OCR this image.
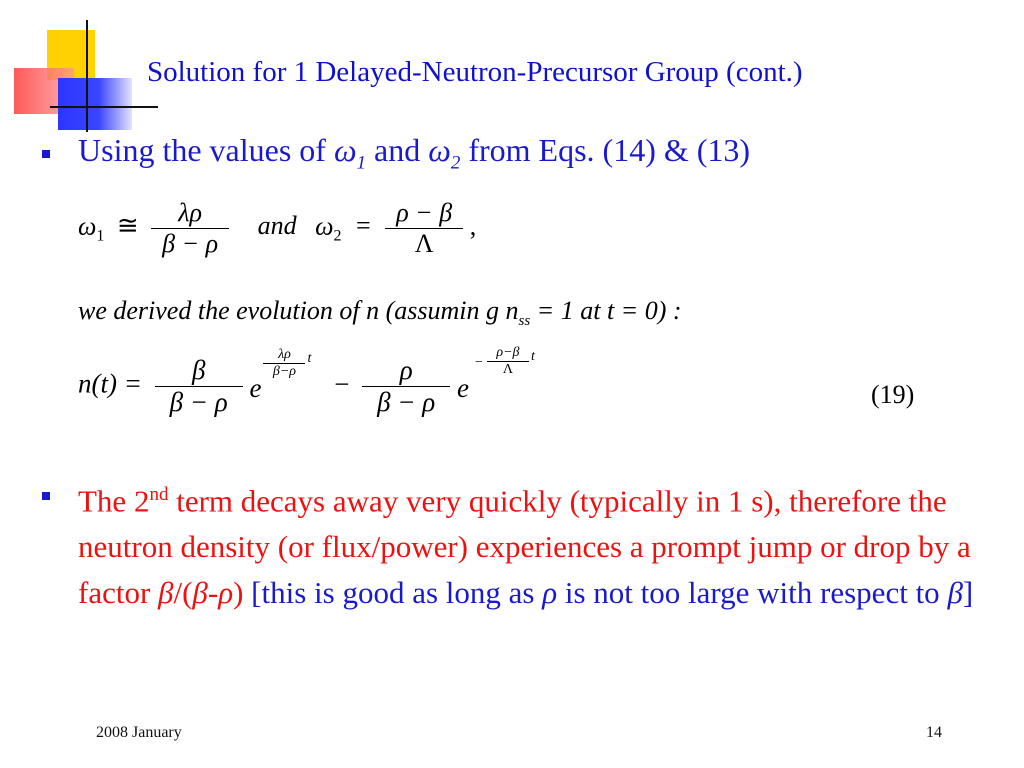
Solution for 1 Delayed-Neutron-Precursor Group (cont.)
Using the values of $\omega_1$ and $\omega_2$ from Eqs. (14) & (13)
$\omega_1$ ≅ $\frac{\lambda\rho}{\beta - \rho}$ and $\omega_2 = \frac{\rho - \beta}{\Lambda}$ ,
we derived the evolution of n (assumin g $n_{ss} = 1$ at t = 0) :
$n(t) = \frac{\beta}{\beta - \rho}$
e
λρ
β−ρ
t
− $\frac{\rho}{\beta - \rho}$
e
−
ρ−β
Λ
t
(19)
The 2nd term decays away very quickly (typically in 1 s), therefore the neutron density (or flux/power) experiences a prompt jump or drop by a factor β/(β-ρ) [this is good as long as ρ is not too large with respect to β]
2008 January	14
